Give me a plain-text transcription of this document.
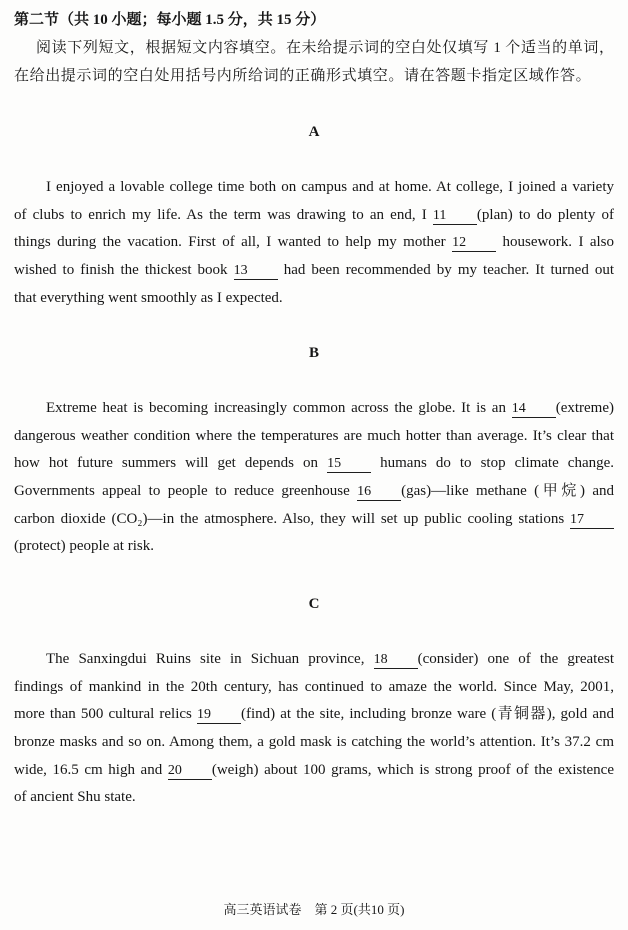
第二节（共 10 小题；每小题 1.5 分，共 15 分）
阅读下列短文，根据短文内容填空。在未给提示词的空白处仅填写 1 个适当的单词，
在给出提示词的空白处用括号内所给词的正确形式填空。请在答题卡指定区域作答。
A
I enjoyed a lovable college time both on campus and at home. At college, I joined a variety
of clubs to enrich my life. As the term was drawing to an end, I 11 (plan) to do plenty of
things during the vacation. First of all, I wanted to help my mother 12 housework. I also
wished to finish the thickest book 13 had been recommended by my teacher. It turned out
that everything went smoothly as I expected.
B
Extreme heat is becoming increasingly common across the globe. It is an 14 (extreme)
dangerous weather condition where the temperatures are much hotter than average. It’s clear that
how hot future summers will get depends on 15	humans do to stop climate change.
Governments appeal to people to reduce greenhouse 16 (gas)—like methane (甲烷) and
carbon dioxide (CO₂)—in the atmosphere. Also, they will set up public cooling stations 17
(protect) people at risk.
C
The Sanxingdui Ruins site in Sichuan province, 18 (consider) one of the greatest
findings of mankind in the 20th century, has continued to amaze the world. Since May, 2001,
more than 500 cultural relics 19 (find) at the site, including bronze ware (青铜器), gold and
bronze masks and so on. Among them, a gold mask is catching the world’s attention. It’s 37.2 cm
wide, 16.5 cm high and 20 (weigh) about 100 grams, which is strong proof of the existence
of ancient Shu state.
高三英语试卷　第 2 页(共10 页)
